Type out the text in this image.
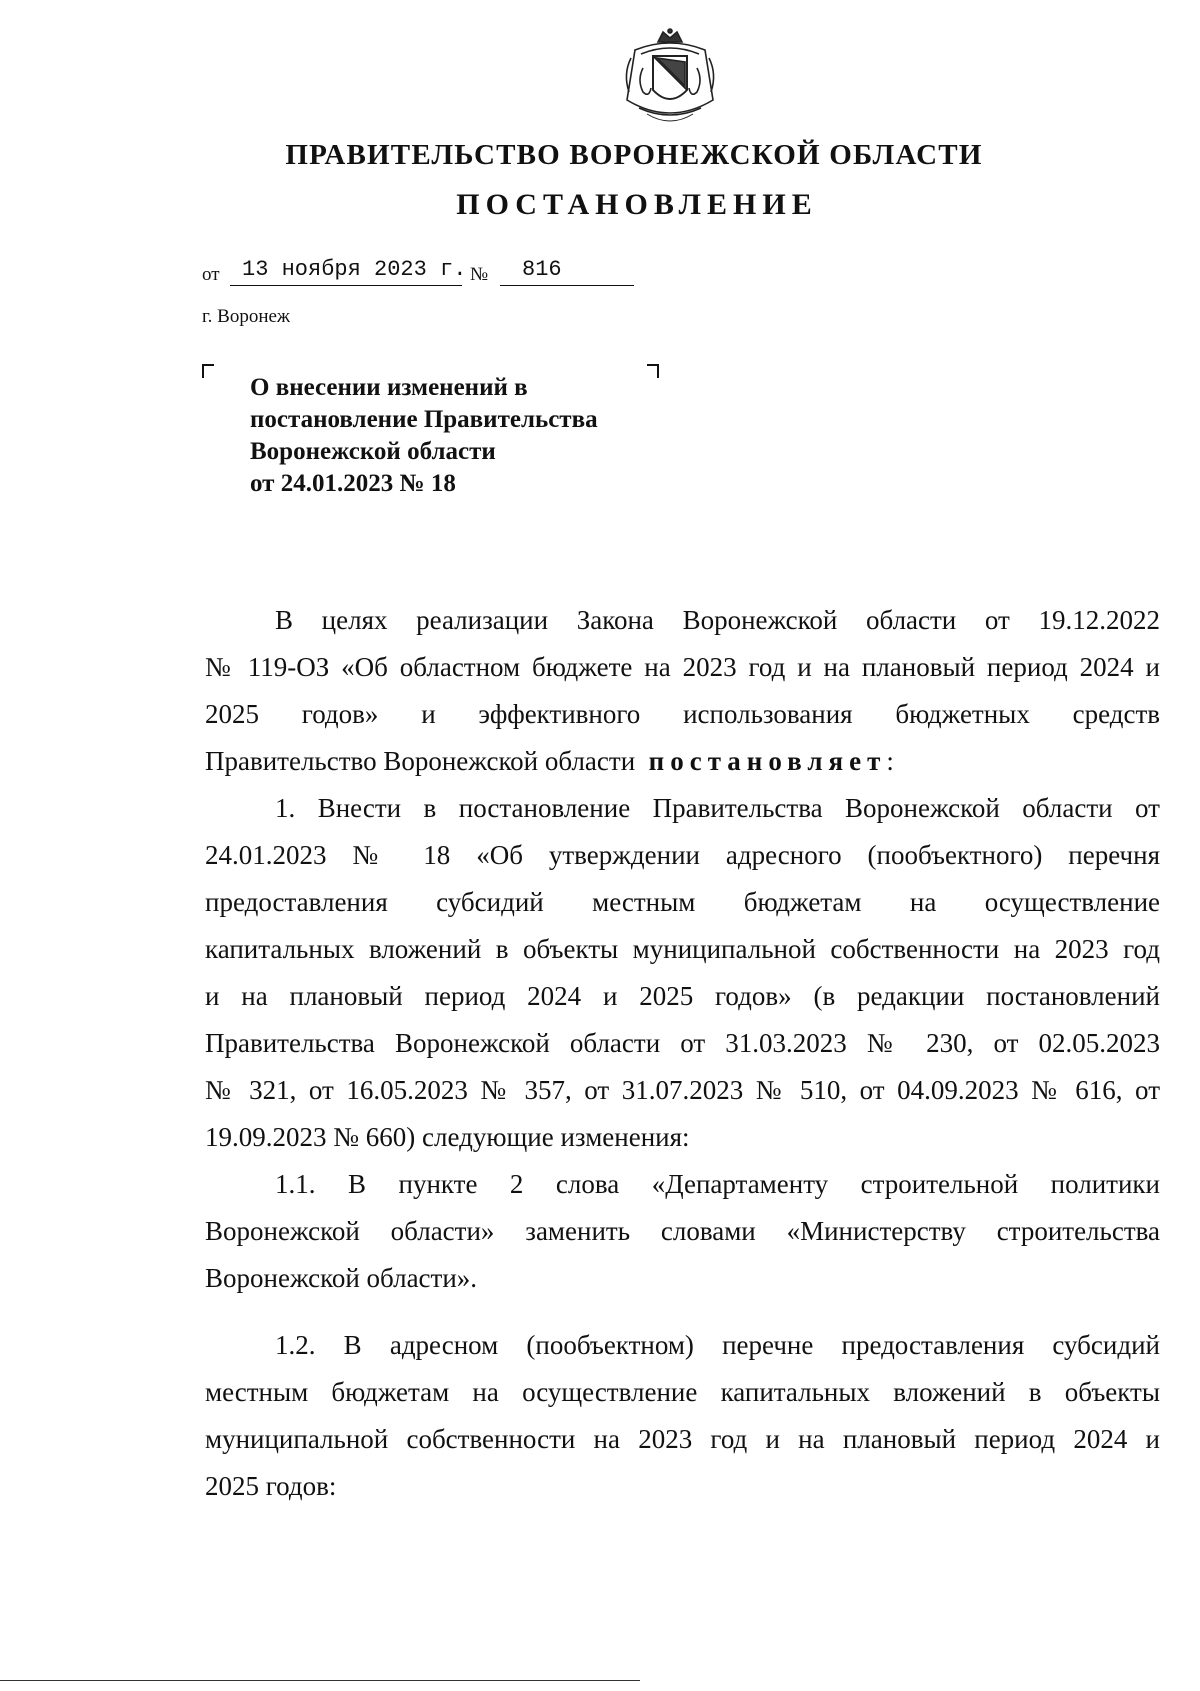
ПРАВИТЕЛЬСТВО ВОРОНЕЖСКОЙ ОБЛАСТИ
ПОСТАНОВЛЕНИЕ
от 13 ноября 2023 г. № 816
г. Воронеж
О внесении изменений в
постановление Правительства
Воронежской области
от 24.01.2023 № 18
В целях реализации Закона Воронежской области от 19.12.2022
№ 119-ОЗ «Об областном бюджете на 2023 год и на плановый период 2024 и
2025 годов» и эффективного использования бюджетных средств
Правительство Воронежской области постановляет:
1. Внести в постановление Правительства Воронежской области от
24.01.2023 № 18 «Об утверждении адресного (пообъектного) перечня
предоставления субсидий местным бюджетам на осуществление
капитальных вложений в объекты муниципальной собственности на 2023 год
и на плановый период 2024 и 2025 годов» (в редакции постановлений
Правительства Воронежской области от 31.03.2023 № 230, от 02.05.2023
№ 321, от 16.05.2023 № 357, от 31.07.2023 № 510, от 04.09.2023 № 616, от
19.09.2023 № 660) следующие изменения:
1.1. В пункте 2 слова «Департаменту строительной политики
Воронежской области» заменить словами «Министерству строительства
Воронежской области».
1.2. В адресном (пообъектном) перечне предоставления субсидий
местным бюджетам на осуществление капитальных вложений в объекты
муниципальной собственности на 2023 год и на плановый период 2024 и
2025 годов:
